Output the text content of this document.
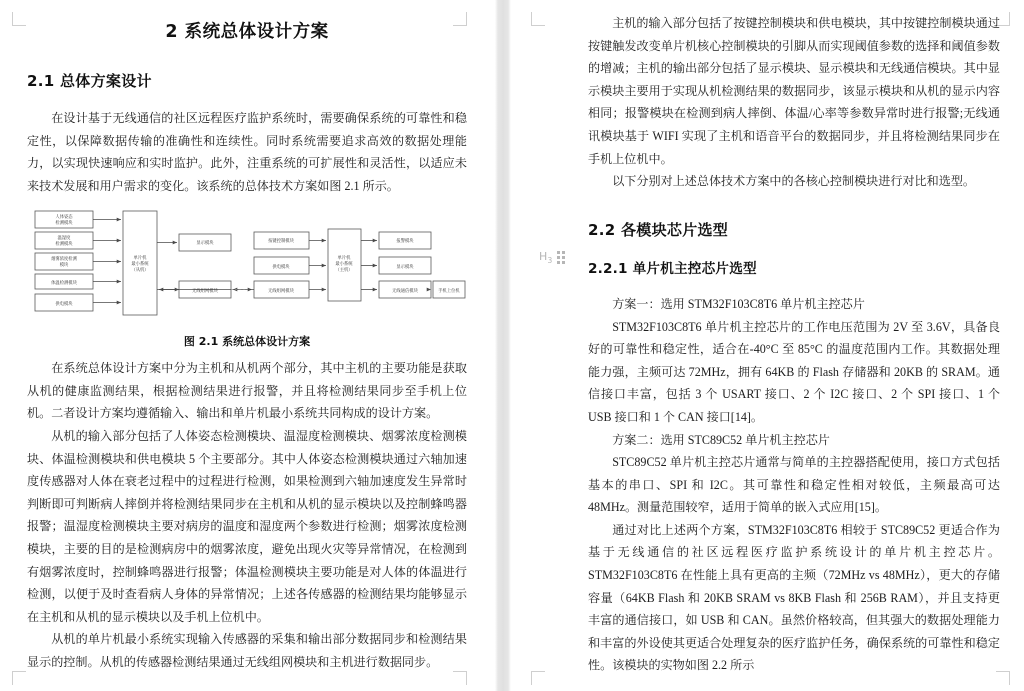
2 系统总体设计方案
2.1 总体方案设计

在设计基于无线通信的社区远程医疗监护系统时，需要确保系统的可靠性和稳定性，以保障数据传输的准确性和连续性。同时系统需要追求高效的数据处理能力，以实现快速响应和实时监护。此外，注重系统的可扩展性和灵活性，以适应未来技术发展和用户需求的变化。该系统的总体技术方案如图 2.1 所示。

人体姿态
检测模块
温湿度
检测模块
烟雾浓度检测
模块
体温检测模块
供电模块
单片机
最小系统
（从机）
显示模块
无线组网模块
按键控制模块
供电模块
无线组网模块
单片机
最小系统
（主机）
报警模块
显示模块
无线通信模块	手机上位机
图 2.1 系统总体设计方案

在系统总体设计方案中分为主机和从机两个部分，其中主机的主要功能是获取从机的健康监测结果，根据检测结果进行报警，并且将检测结果同步至手机上位机。二者设计方案均遵循输入、输出和单片机最小系统共同构成的设计方案。

从机的输入部分包括了人体姿态检测模块、温湿度检测模块、烟雾浓度检测模块、体温检测模块和供电模块 5 个主要部分。其中人体姿态检测模块通过六轴加速度传感器对人体在衰老过程中的过程进行检测，如果检测到六轴加速度发生异常时判断即可判断病人摔倒并将检测结果同步在主机和从机的显示模块以及控制蜂鸣器报警；温湿度检测模块主要对病房的温度和湿度两个参数进行检测；烟雾浓度检测模块，主要的目的是检测病房中的烟雾浓度，避免出现火灾等异常情况，在检测到有烟雾浓度时，控制蜂鸣器进行报警；体温检测模块主要功能是对人体的体温进行检测，以便于及时查看病人身体的异常情况；上述各传感器的检测结果均能够显示在主机和从机的显示模块以及手机上位机中。

从机的单片机最小系统实现输入传感器的采集和输出部分数据同步和检测结果显示的控制。从机的传感器检测结果通过无线组网模块和主机进行数据同步。

$H_3$

主机的输入部分包括了按键控制模块和供电模块，其中按键控制模块通过按键触发改变单片机核心控制模块的引脚从而实现阈值参数的选择和阈值参数的增减；主机的输出部分包括了显示模块、显示模块和无线通信模块。其中显示模块主要用于实现从机检测结果的数据同步，该显示模块和从机的显示内容相同；报警模块在检测到病人摔倒、体温/心率等参数异常时进行报警;无线通讯模块基于 WIFI 实现了主机和语音平台的数据同步，并且将检测结果同步在手机上位机中。

以下分别对上述总体技术方案中的各核心控制模块进行对比和选型。

2.2 各模块芯片选型
2.2.1 单片机主控芯片选型

方案一：选用 STM32F103C8T6 单片机主控芯片

STM32F103C8T6 单片机主控芯片的工作电压范围为 2V 至 3.6V，具备良好的可靠性和稳定性，适合在-40°C 至 85°C 的温度范围内工作。其数据处理能力强，主频可达 72MHz，拥有 64KB 的 Flash 存储器和 20KB 的 SRAM。通信接口丰富，包括 3 个 USART 接口、2 个 I2C 接口、2 个 SPI 接口、1 个 USB 接口和 1 个 CAN 接口[14]。

方案二：选用 STC89C52 单片机主控芯片

STC89C52 单片机主控芯片通常与简单的主控器搭配使用，接口方式包括基本的串口、SPI 和 I2C。其可靠性和稳定性相对较低，主频最高可达 48MHz。测量范围较窄，适用于简单的嵌入式应用[15]。

通过对比上述两个方案，STM32F103C8T6 相较于 STC89C52 更适合作为基于无线通信的社区远程医疗监护系统设计的单片机主控芯片。STM32F103C8T6 在性能上具有更高的主频（72MHz vs 48MHz），更大的存储容量（64KB Flash 和 20KB SRAM vs 8KB Flash 和 256B RAM），并且支持更丰富的通信接口，如 USB 和 CAN。虽然价格较高，但其强大的数据处理能力和丰富的外设使其更适合处理复杂的医疗监护任务，确保系统的可靠性和稳定性。该模块的实物如图 2.2 所示
